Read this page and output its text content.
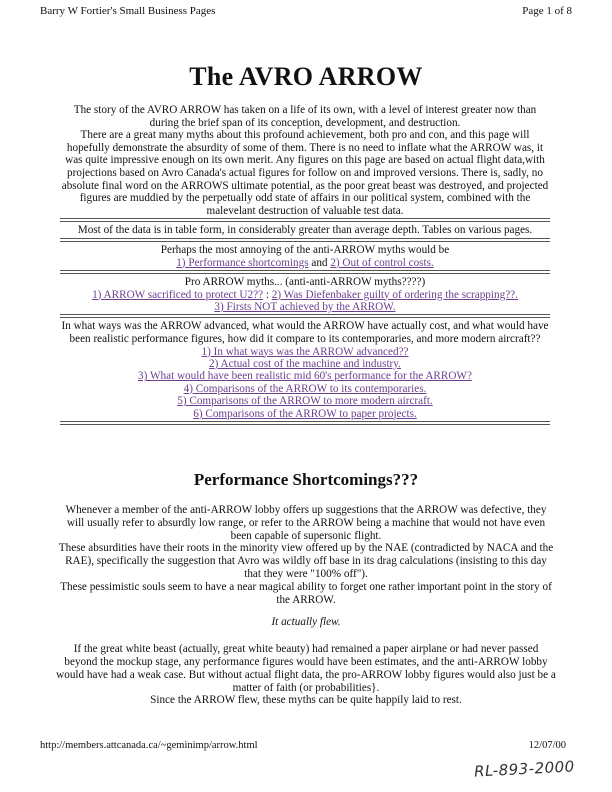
Barry W Fortier's Small Business Pages	Page 1 of 8
The AVRO ARROW

The story of the AVRO ARROW has taken on a life of its own, with a level of interest greater now than during the brief span of its conception, development, and destruction.

There are a great many myths about this profound achievement, both pro and con, and this page will hopefully demonstrate the absurdity of some of them. There is no need to inflate what the ARROW was, it was quite impressive enough on its own merit. Any figures on this page are based on actual flight data,with projections based on Avro Canada's actual figures for follow on and improved versions. There is, sadly, no absolute final word on the ARROWS ultimate potential, as the poor great beast was destroyed, and projected figures are muddied by the perpetually odd state of affairs in our political system, combined with the malevelant destruction of valuable test data.

Most of the data is in table form, in considerably greater than average depth. Tables on various pages.

Perhaps the most annoying of the anti-ARROW myths would be

1) Performance shortcomings and 2) Out of control costs.

Pro ARROW myths... (anti-anti-ARROW myths????)

1) ARROW sacrificed to protect U2?? : 2) Was Diefenbaker guilty of ordering the scrapping??.
3) Firsts NOT achieved by the ARROW.

In what ways was the ARROW advanced, what would the ARROW have actually cost, and what would have been realistic performance figures, how did it compare to its contemporaries, and more modern aircraft??

1) In what ways was the ARROW advanced??
2) Actual cost of the machine and industry.
3) What would have been realistic mid 60's performance for the ARROW?
4) Comparisons of the ARROW to its contemporaries.
5) Comparisons of the ARROW to more modern aircraft.
6) Comparisons of the ARROW to paper projects.
Performance Shortcomings???

Whenever a member of the anti-ARROW lobby offers up suggestions that the ARROW was defective, they will usually refer to absurdly low range, or refer to the ARROW being a machine that would not have even been capable of supersonic flight.

These absurdities have their roots in the minority view offered up by the NAE (contradicted by NACA and the RAE), specifically the suggestion that Avro was wildly off base in its drag calculations (insisting to this day that they were "100% off").

These pessimistic souls seem to have a near magical ability to forget one rather important point in the story of the ARROW.

It actually flew.

If the great white beast (actually, great white beauty) had remained a paper airplane or had never passed beyond the mockup stage, any performance figures would have been estimates, and the anti-ARROW lobby would have had a weak case. But without actual flight data, the pro-ARROW lobby figures would also just be a matter of faith (or probabilities}.

Since the ARROW flew, these myths can be quite happily laid to rest.

http://members.attcanada.ca/~geminimp/arrow.html	12/07/00
RL-893-2000
